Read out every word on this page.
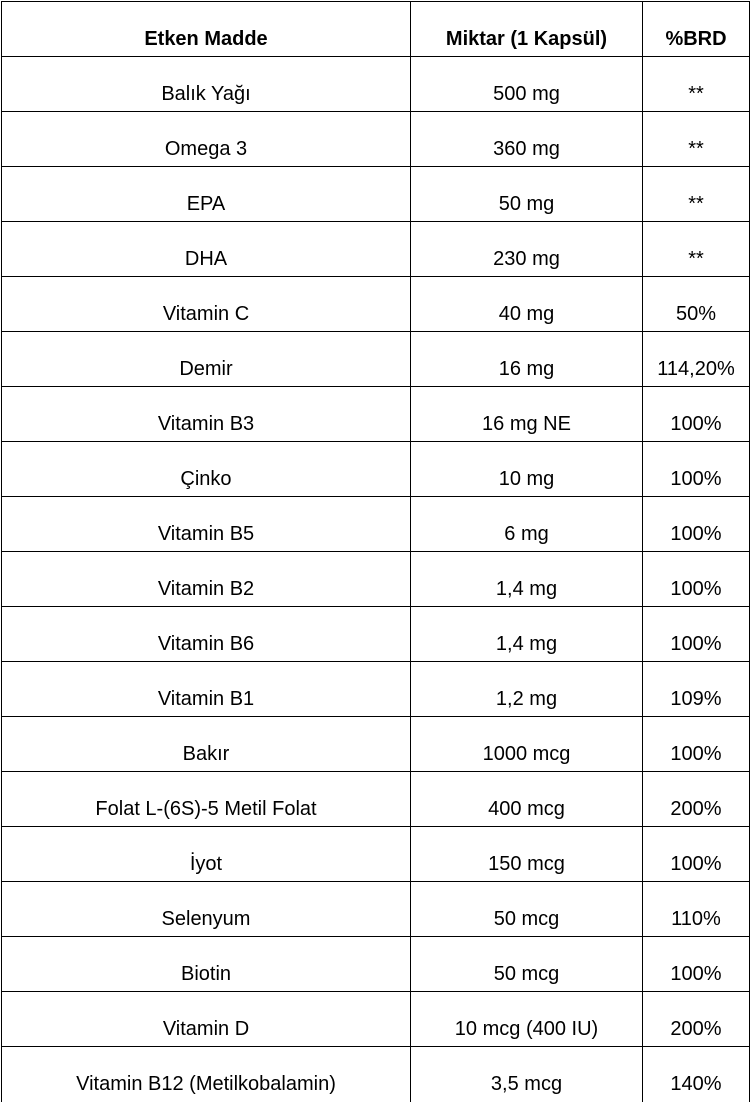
Etken Madde	Miktar (1 Kapsül)	%BRD
Balık Yağı	500 mg	**
Omega 3	360 mg	**
EPA	50 mg	**
DHA	230 mg	**
Vitamin C	40 mg	50%
Demir	16 mg	114,20%
Vitamin B3	16 mg NE	100%
Çinko	10 mg	100%
Vitamin B5	6 mg	100%
Vitamin B2	1,4 mg	100%
Vitamin B6	1,4 mg	100%
Vitamin B1	1,2 mg	109%
Bakır	1000 mcg	100%
Folat L-(6S)-5 Metil Folat	400 mcg	200%
İyot	150 mcg	100%
Selenyum	50 mcg	110%
Biotin	50 mcg	100%
Vitamin D	10 mcg (400 IU)	200%
Vitamin B12 (Metilkobalamin)	3,5 mcg	140%
